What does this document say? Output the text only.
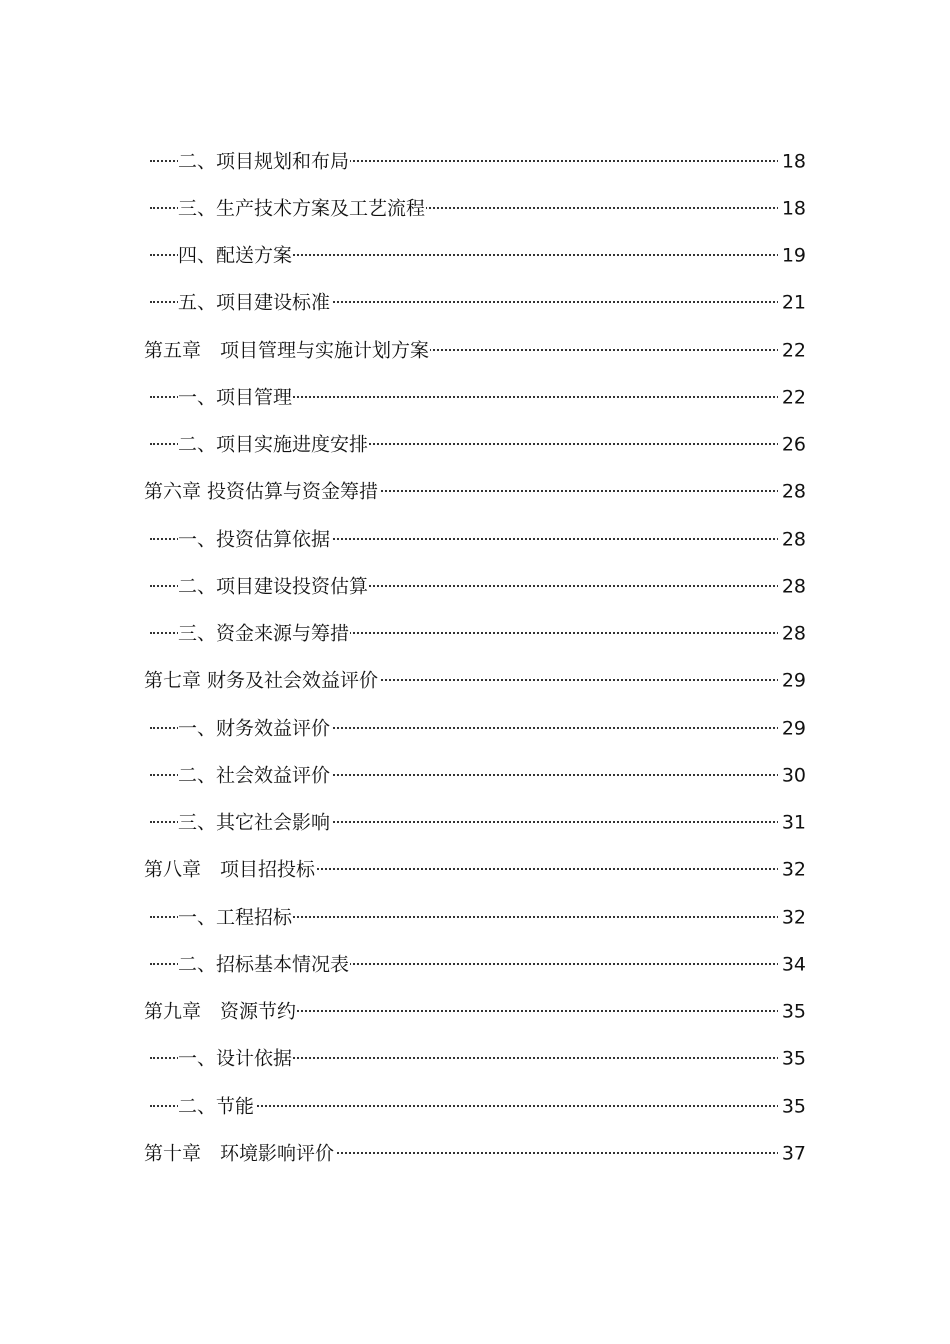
二、项目规划和布局	18
三、生产技术方案及工艺流程	18
四、配送方案	19
五、项目建设标准	21
第五章　项目管理与实施计划方案	22
一、项目管理	22
二、项目实施进度安排	26
第六章 投资估算与资金筹措	28
一、投资估算依据	28
二、项目建设投资估算	28
三、资金来源与筹措	28
第七章 财务及社会效益评价	29
一、财务效益评价	29
二、社会效益评价	30
三、其它社会影响	31
第八章　项目招投标	32
一、工程招标	32
二、招标基本情况表	34
第九章　资源节约	35
一、设计依据	35
二、节能	35
第十章　环境影响评价	37
